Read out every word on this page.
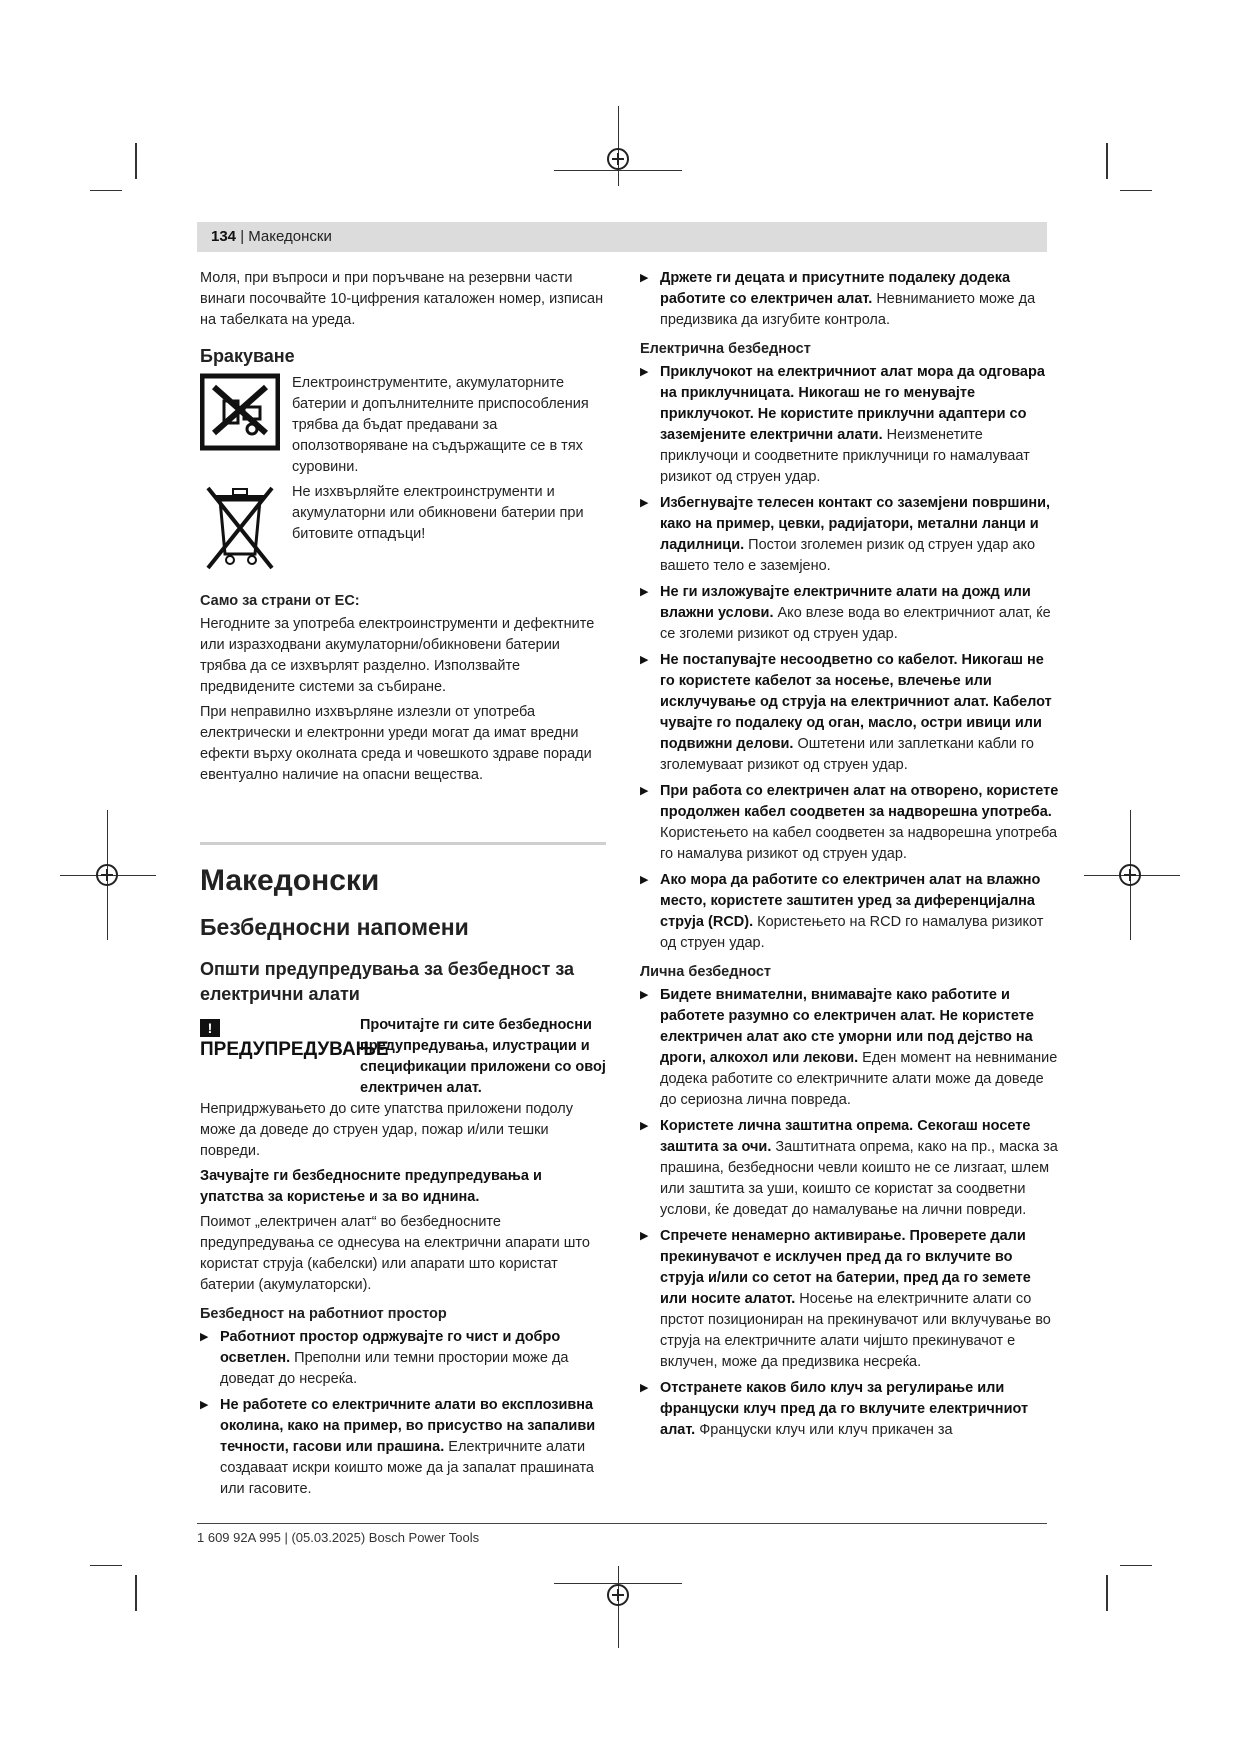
134 | Македонски

Моля, при въпроси и при поръчване на резервни части винаги посочвайте 10-цифрения каталожен номер, изписан на табелката на уреда.

Бракуване
Електроинструментите, акумулаторните батерии и допълнителните приспособления трябва да бъдат предавани за оползотворяване на съдържащите се в тях суровини.
Не изхвърляйте електроинструменти и акумулаторни или обикновени батерии при битовите отпадъци!
Само за страни от ЕС:

Негодните за употреба електроинструменти и дефектните или изразходвани акумулаторни/обикновени батерии трябва да се изхвърлят разделно. Използвайте предвидените системи за събиране.

При неправилно изхвърляне излезли от употреба електрически и електронни уреди могат да имат вредни ефекти върху околната среда и човешкото здраве поради евентуално наличие на опасни вещества.

Македонски
Безбедносни напомени
Општи предупредувања за безбедност за електрични алати
!ПРЕДУПРЕДУВАЊЕ
Прочитајте ги сите безбедносни предупредувања, илустрации и спецификации приложени со овој електричен алат.

Непридржувањето до сите упатства приложени подолу може да доведе до струен удар, пожар и/или тешки повреди.

Зачувајте ги безбедносните предупредувања и упатства за користење и за во иднина.

Поимот „електричен алат“ во безбедносните предупредувања се однесува на електрични апарати што користат струја (кабелски) или апарати што користат батерии (акумулаторски).

Безбедност на работниот простор
▶ Работниот простор одржувајте го чист и добро осветлен. Преполни или темни простории може да доведат до несреќа.
▶ Не работете со електричните алати во експлозивна околина, како на пример, во присуство на запаливи течности, гасови или прашина. Електричните алати создаваат искри коишто може да ја запалат прашината или гасовите.
▶ Држете ги децата и присутните подалеку додека работите со електричен алат. Невниманието може да предизвика да изгубите контрола.
Електрична безбедност
▶ Приклучокот на електричниот алат мора да одговара на приклучницата. Никогаш не го менувајте приклучокот. Не користите приклучни адаптери со заземјените електрични алати. Неизменетите приклучоци и соодветните приклучници го намалуваат ризикот од струен удар.
▶ Избегнувајте телесен контакт со заземјени површини, како на пример, цевки, радијатори, метални ланци и ладилници. Постои зголемен ризик од струен удар ако вашето тело е заземјено.
▶ Не ги изложувајте електричните алати на дожд или влажни услови. Ако влезе вода во електричниот алат, ќе се зголеми ризикот од струен удар.
▶ Не постапувајте несоодветно со кабелот. Никогаш не го користете кабелот за носење, влечење или исклучување од струја на електричниот алат. Кабелот чувајте го подалеку од оган, масло, остри ивици или подвижни делови. Оштетени или заплеткани кабли го зголемуваат ризикот од струен удар.
▶ При работа со електричен алат на отворено, користете продолжен кабел соодветен за надворешна употреба. Користењето на кабел соодветен за надворешна употреба го намалува ризикот од струен удар.
▶ Ако мора да работите со електричен алат на влажно место, користете заштитен уред за диференцијална струја (RCD). Користењето на RCD го намалува ризикот од струен удар.
Лична безбедност
▶ Бидете внимателни, внимавајте како работите и работете разумно со електричен алат. Не користете електричен алат ако сте уморни или под дејство на дроги, алкохол или лекови. Еден момент на невнимание додека работите со електричните алати може да доведе до сериозна лична повреда.
▶ Користете лична заштитна опрема. Секогаш носете заштита за очи. Заштитната опрема, како на пр., маска за прашина, безбедносни чевли коишто не се лизгаат, шлем или заштита за уши, коишто се користат за соодветни услови, ќе доведат до намалување на лични повреди.
▶ Спречете ненамерно активирање. Проверете дали прекинувачот е исклучен пред да го вклучите во струја и/или со сетот на батерии, пред да го земете или носите алатот. Носење на електричните алати со прстот позициониран на прекинувачот или вклучување во струја на електричните алати чијшто прекинувачот е вклучен, може да предизвика несреќа.
▶ Отстранете каков било клуч за регулирање или француски клуч пред да го вклучите електричниот алат. Француски клуч или клуч прикачен за
1 609 92A 995 | (05.03.2025) Bosch Power Tools
